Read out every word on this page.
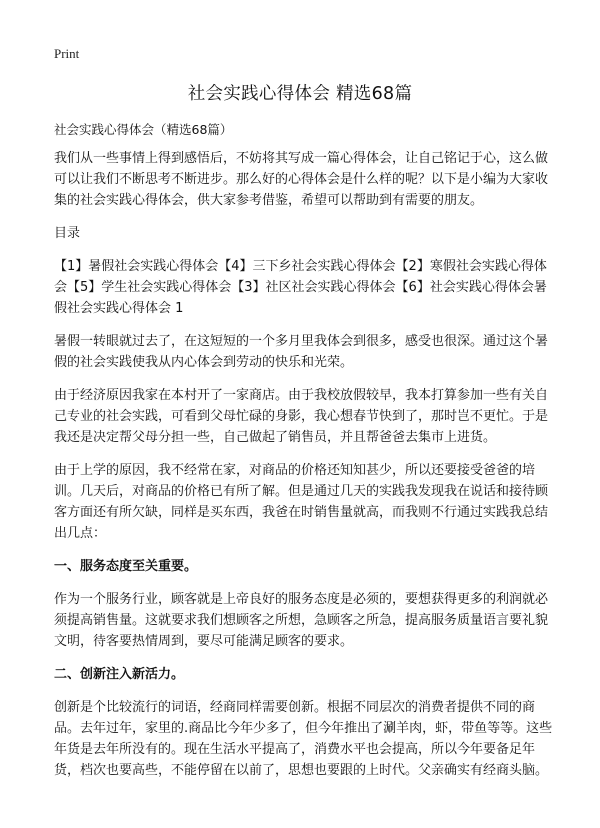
Print
社会实践心得体会 精选68篇
社会实践心得体会（精选68篇）

我们从一些事情上得到感悟后，不妨将其写成一篇心得体会，让自己铭记于心，这么做可以让我们不断思考不断进步。那么好的心得体会是什么样的呢？以下是小编为大家收集的社会实践心得体会，供大家参考借鉴，希望可以帮助到有需要的朋友。

目录

【1】暑假社会实践心得体会【4】三下乡社会实践心得体会【2】寒假社会实践心得体会【5】学生社会实践心得体会【3】社区社会实践心得体会【6】社会实践心得体会暑假社会实践心得体会 1

暑假一转眼就过去了，在这短短的一个多月里我体会到很多，感受也很深。通过这个暑假的社会实践使我从内心体会到劳动的快乐和光荣。

由于经济原因我家在本村开了一家商店。由于我校放假较早，我本打算参加一些有关自己专业的社会实践，可看到父母忙碌的身影，我心想春节快到了，那时岂不更忙。于是我还是决定帮父母分担一些，自己做起了销售员，并且帮爸爸去集市上进货。

由于上学的原因，我不经常在家，对商品的价格还知知甚少，所以还要接受爸爸的培训。几天后，对商品的价格已有所了解。但是通过几天的实践我发现我在说话和接待顾客方面还有所欠缺，同样是买东西，我爸在时销售量就高，而我则不行通过实践我总结出几点：

一、服务态度至关重要。

作为一个服务行业，顾客就是上帝良好的服务态度是必须的，要想获得更多的利润就必须提高销售量。这就要求我们想顾客之所想，急顾客之所急，提高服务质量语言要礼貌文明，待客要热情周到，要尽可能满足顾客的要求。

二、创新注入新活力。

创新是个比较流行的词语，经商同样需要创新。根据不同层次的消费者提供不同的商品。去年过年，家里的.商品比今年少多了，但今年推出了涮羊肉，虾，带鱼等等。这些年货是去年所没有的。现在生活水平提高了，消费水平也会提高，所以今年要备足年货，档次也要高些，不能停留在以前了，思想也要跟的上时代。父亲确实有经商头脑。
